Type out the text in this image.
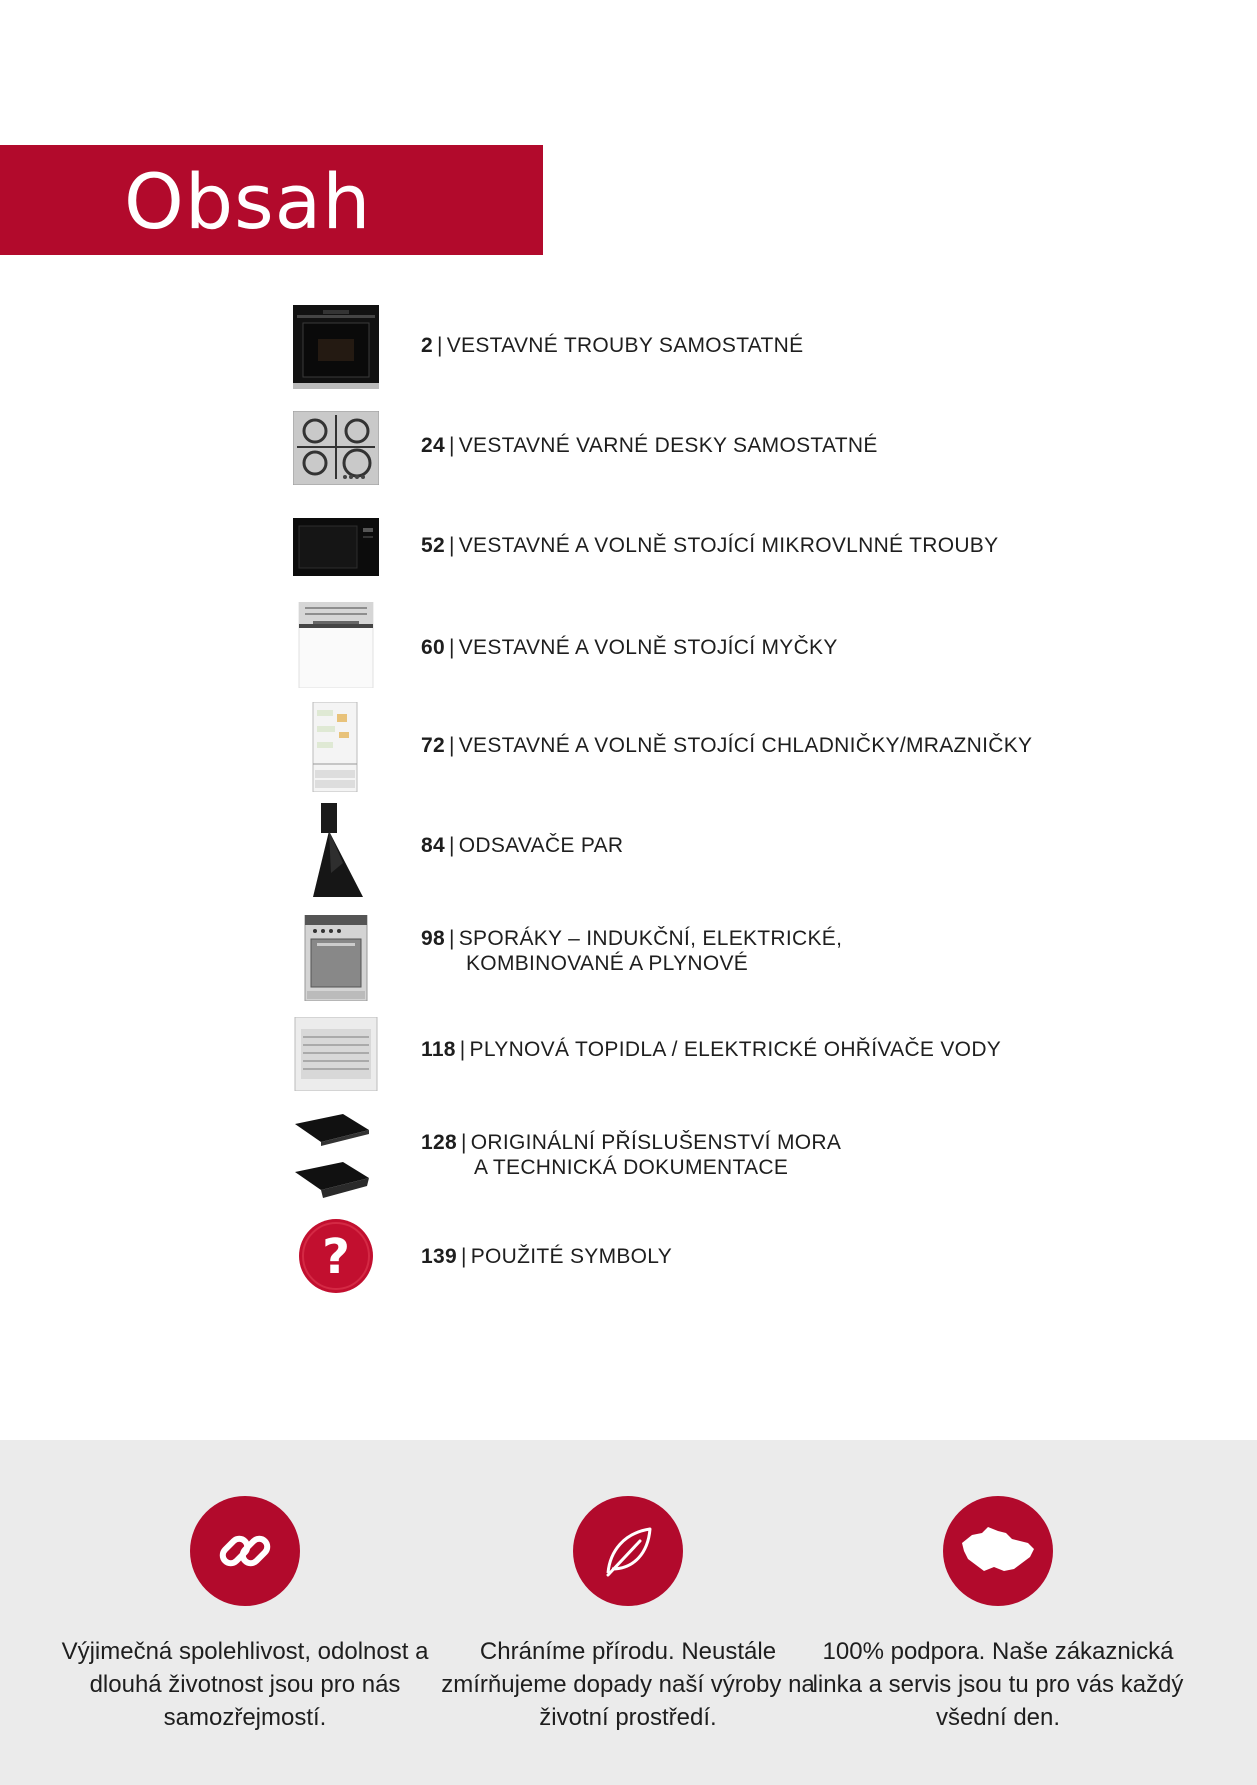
Obsah
2 | VESTAVNÉ TROUBY SAMOSTATNÉ
24 | VESTAVNÉ VARNÉ DESKY SAMOSTATNÉ
52 | VESTAVNÉ A VOLNĚ STOJÍCÍ MIKROVLNNÉ TROUBY
60 | VESTAVNÉ A VOLNĚ STOJÍCÍ MYČKY
72 | VESTAVNÉ A VOLNĚ STOJÍCÍ CHLADNIČKY/MRAZNIČKY
84 | ODSAVAČE PAR
98 | SPORÁKY – INDUKČNÍ, ELEKTRICKÉ,
KOMBINOVANÉ A PLYNOVÉ
118 | PLYNOVÁ TOPIDLA / ELEKTRICKÉ OHŘÍVAČE VODY
128 | ORIGINÁLNÍ PŘÍSLUŠENSTVÍ MORA
A TECHNICKÁ DOKUMENTACE
?	139 | POUŽITÉ SYMBOLY

Výjimečná spolehlivost, odolnost a dlouhá životnost jsou pro nás samozřejmostí.

Chráníme přírodu. Neustále zmírňujeme dopady naší výroby na životní prostředí.

100% podpora. Naše zákaznická linka a servis jsou tu pro vás každý všední den.
